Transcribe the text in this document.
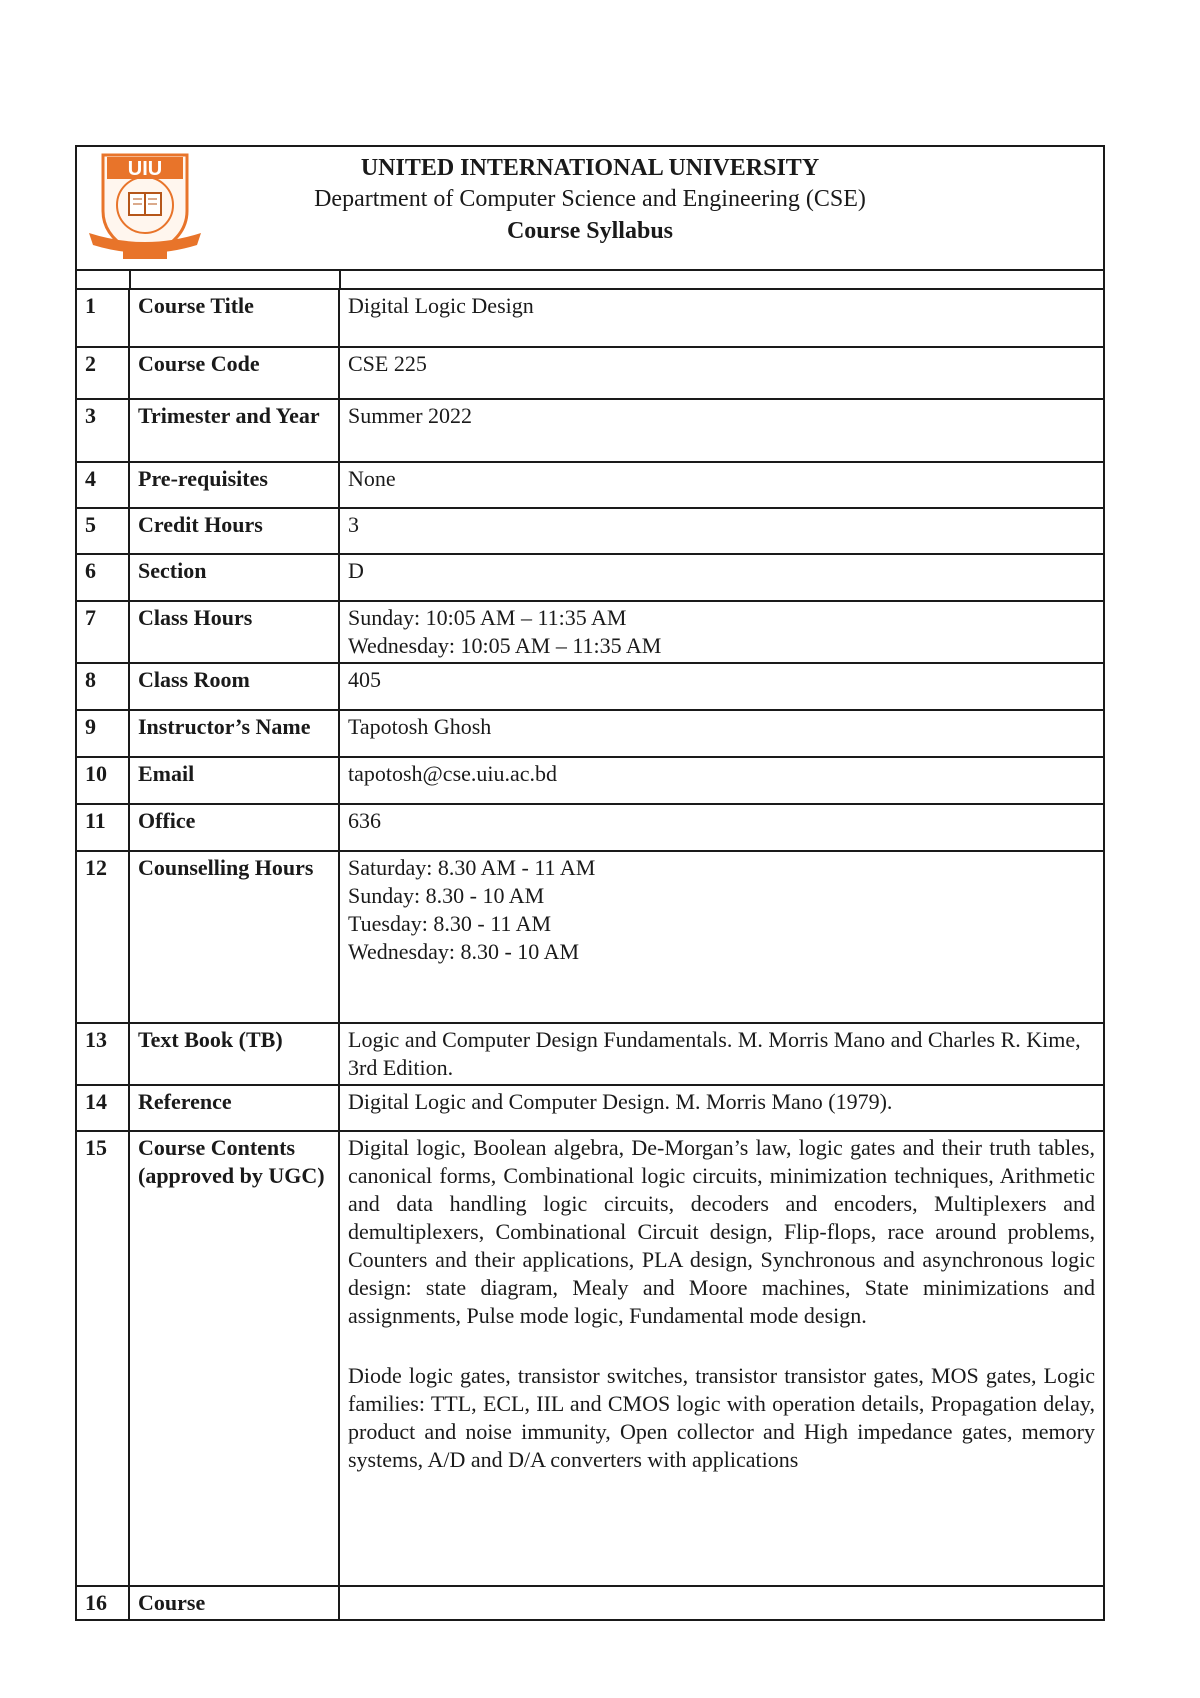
UIU	UNITED INTERNATIONAL UNIVERSITY
Department of Computer Science and Engineering (CSE)
Course Syllabus
1	Course Title	Digital Logic Design
2	Course Code	CSE 225
3	Trimester and Year	Summer 2022
4	Pre-requisites	None
5	Credit Hours	3
6	Section	D
7	Class Hours	Sunday: 10:05 AM – 11:35 AM
Wednesday: 10:05 AM – 11:35 AM

8	Class Room	405
9	Instructor’s Name	Tapotosh Ghosh
10	Email	tapotosh@cse.uiu.ac.bd
11	Office	636
12	Counselling Hours	Saturday: 8.30 AM - 11 AM
Sunday: 8.30 - 10 AM
Tuesday: 8.30 - 11 AM
Wednesday: 8.30 - 10 AM

13	Text Book (TB)	Logic and Computer Design Fundamentals. M. Morris Mano and Charles R. Kime, 3rd Edition.
14	Reference	Digital Logic and Computer Design. M. Morris Mano (1979).
15	Course Contents (approved by UGC)	Digital logic, Boolean algebra, De-Morgan’s law, logic gates and their truth tables, canonical forms, Combinational logic circuits, minimization techniques, Arithmetic and data handling logic circuits, decoders and encoders, Multiplexers and demultiplexers, Combinational Circuit design, Flip-flops, race around problems, Counters and their applications, PLA design, Synchronous and asynchronous logic design: state diagram, Mealy and Moore machines, State minimizations and assignments, Pulse mode logic, Fundamental mode design.
Diode logic gates, transistor switches, transistor transistor gates, MOS gates, Logic families: TTL, ECL, IIL and CMOS logic with operation details, Propagation delay, product and noise immunity, Open collector and High impedance gates, memory systems, A/D and D/A converters with applications

16	Course	
